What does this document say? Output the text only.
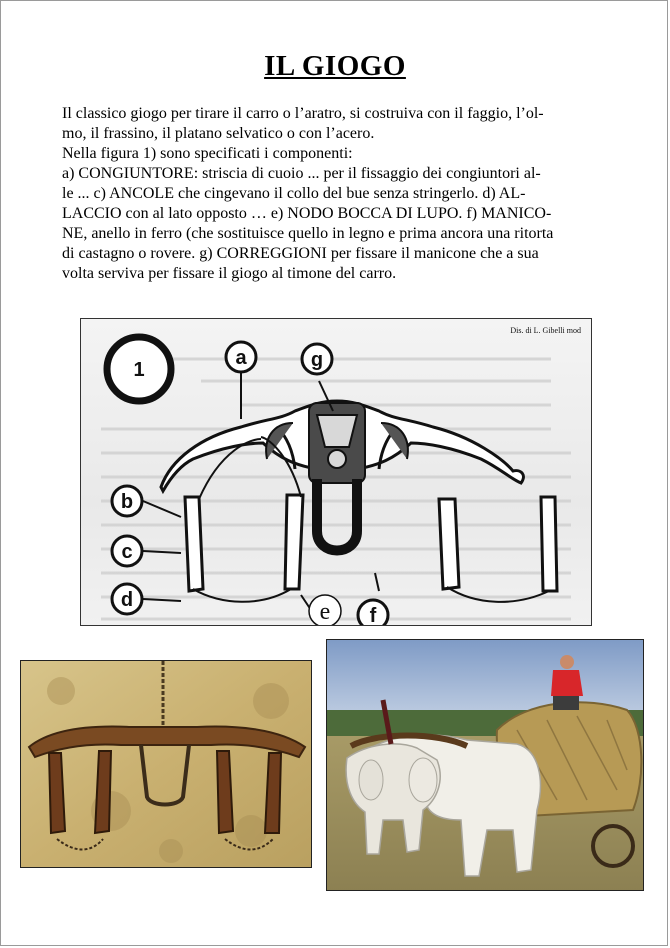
IL GIOGO

Il classico giogo per tirare il carro o l’aratro, si costruiva con il faggio, l’ol-

mo, il frassino, il platano selvatico o con l’acero.

Nella figura 1) sono specificati i componenti:

a) CONGIUNTORE: striscia di cuoio ... per il fissaggio dei congiuntori al-

le ... c) ANCOLE che cingevano il collo del bue senza stringerlo. d) AL-

LACCIO con al lato opposto … e) NODO BOCCA DI LUPO. f) MANICO-

NE, anello in ferro (che sostituisce quello in legno e prima ancora una ritorta

di castagno o rovere. g) CORREGGIONI per fissare il manicone che a sua

volta serviva per fissare il giogo al timone del carro.

1
a	g
b
c
d
f
e
Dis. di L. Gibelli mod
